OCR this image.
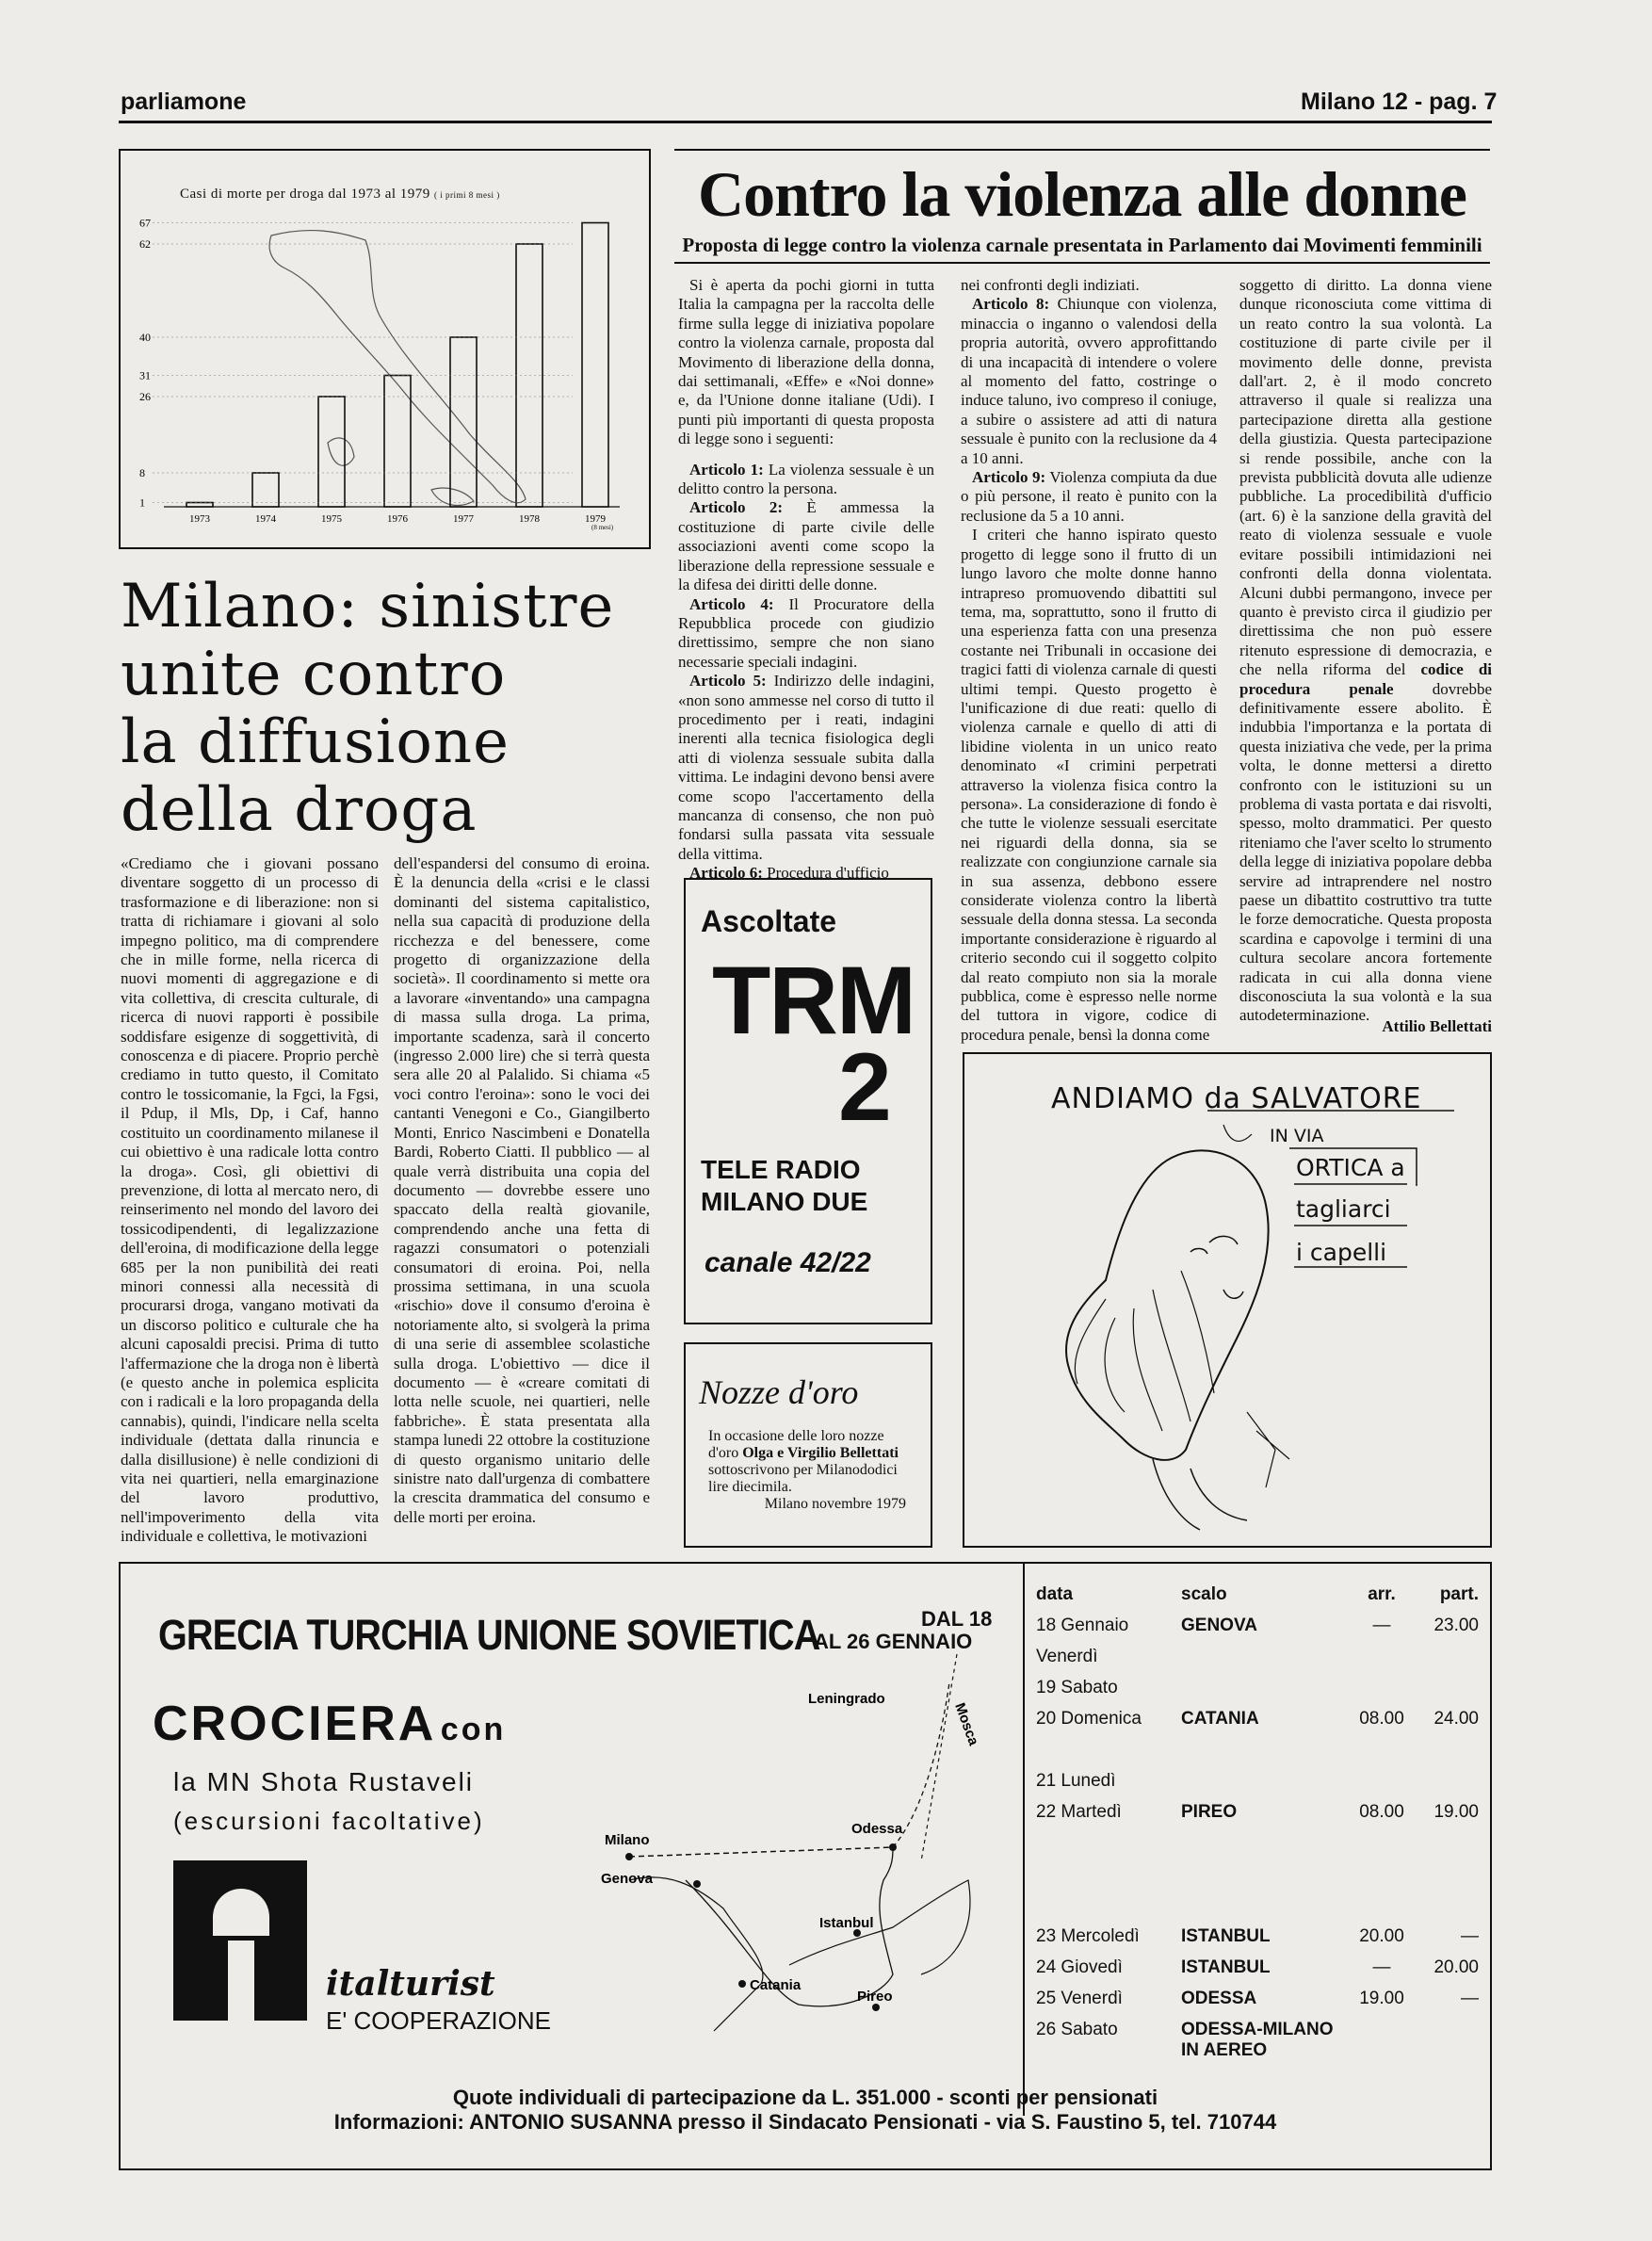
parliamone	Milano 12 - pag. 7
Casi di morte per droga dal 1973 al 1979 ( i primi 8 mesi )
67
62
40
31
26
8
1
1973	1974	1975	1976	1977	1978	1979
(8 mesi)
Milano: sinistre
unite contro
la diffusione
della droga
«Crediamo che i giovani possano diventare soggetto di un processo di trasformazione e di liberazione: non si tratta di richiamare i giovani al solo impegno politico, ma di comprendere che in mille forme, nella ricerca di nuovi momenti di aggregazione e di vita collettiva, di crescita culturale, di ricerca di nuovi rapporti è possibile soddisfare esigenze di soggettività, di conoscenza e di piacere. Proprio perchè crediamo in tutto questo, il Comitato contro le tossicomanie, la Fgci, la Fgsi, il Pdup, il Mls, Dp, i Caf, hanno costituito un coordinamento milanese il cui obiettivo è una radicale lotta contro la droga». Così, gli obiettivi di prevenzione, di lotta al mercato nero, di reinserimento nel mondo del lavoro dei tossicodipendenti, di legalizzazione dell'eroina, di modificazione della legge 685 per la non punibilità dei reati minori connessi alla necessità di procurarsi droga, vangano motivati da un discorso politico e culturale che ha alcuni caposaldi precisi. Prima di tutto l'affermazione che la droga non è libertà (e questo anche in polemica esplicita con i radicali e la loro propaganda della cannabis), quindi, l'indicare nella scelta individuale (dettata dalla rinuncia e dalla disillusione) è nelle condizioni di vita nei quartieri, nella emarginazione del lavoro produttivo, nell'impoverimento della vita individuale e collettiva, le motivazioni
dell'espandersi del consumo di eroina. È la denuncia della «crisi e le classi dominanti del sistema capitalistico, nella sua capacità di produzione della ricchezza e del benessere, come progetto di organizzazione della società». Il coordinamento si mette ora a lavorare «inventando» una campagna di massa sulla droga. La prima, importante scadenza, sarà il concerto (ingresso 2.000 lire) che si terrà questa sera alle 20 al Palalido. Si chiama «5 voci contro l'eroina»: sono le voci dei cantanti Venegoni e Co., Giangilberto Monti, Enrico Nascimbeni e Donatella Bardi, Roberto Ciatti. Il pubblico — al quale verrà distribuita una copia del documento — dovrebbe essere uno spaccato della realtà giovanile, comprendendo anche una fetta di ragazzi consumatori o potenziali consumatori di eroina. Poi, nella prossima settimana, in una scuola «rischio» dove il consumo d'eroina è notoriamente alto, si svolgerà la prima di una serie di assemblee scolastiche sulla droga. L'obiettivo — dice il documento — è «creare comitati di lotta nelle scuole, nei quartieri, nelle fabbriche». È stata presentata alla stampa lunedi 22 ottobre la costituzione di questo organismo unitario delle sinistre nato dall'urgenza di combattere la crescita drammatica del consumo e delle morti per eroina.
Contro la violenza alle donne
Proposta di legge contro la violenza carnale presentata in Parlamento dai Movimenti femminili

Si è aperta da pochi giorni in tutta Italia la campagna per la raccolta delle firme sulla legge di iniziativa popolare contro la violenza carnale, proposta dal Movimento di liberazione della donna, dai settimanali, «Effe» e «Noi donne» e, da l'Unione donne italiane (Udi). I punti più importanti di questa proposta di legge sono i seguenti:

Articolo 1: La violenza sessuale è un delitto contro la persona.

Articolo 2: È ammessa la costituzione di parte civile delle associazioni aventi come scopo la liberazione della repressione sessuale e la difesa dei diritti delle donne.

Articolo 4: Il Procuratore della Repubblica procede con giudizio direttissimo, sempre che non siano necessarie speciali indagini.

Articolo 5: Indirizzo delle indagini, «non sono ammesse nel corso di tutto il procedimento per i reati, indagini inerenti alla tecnica fisiologica degli atti di violenza sessuale subita dalla vittima. Le indagini devono bensi avere come scopo l'accertamento della mancanza di consenso, che non può fondarsi sulla passata vita sessuale della vittima.

Articolo 6: Procedura d'ufficio

nei confronti degli indiziati.

Articolo 8: Chiunque con violenza, minaccia o inganno o valendosi della propria autorità, ovvero approfittando di una incapacità di intendere o volere al momento del fatto, costringe o induce taluno, ivo compreso il coniuge, a subire o assistere ad atti di natura sessuale è punito con la reclusione da 4 a 10 anni.

Articolo 9: Violenza compiuta da due o più persone, il reato è punito con la reclusione da 5 a 10 anni.

I criteri che hanno ispirato questo progetto di legge sono il frutto di un lungo lavoro che molte donne hanno intrapreso promuovendo dibattiti sul tema, ma, soprattutto, sono il frutto di una esperienza fatta con una presenza costante nei Tribunali in occasione dei tragici fatti di violenza carnale di questi ultimi tempi. Questo progetto è l'unificazione di due reati: quello di violenza carnale e quello di atti di libidine violenta in un unico reato denominato «I crimini perpetrati attraverso la violenza fisica contro la persona». La considerazione di fondo è che tutte le violenze sessuali esercitate nei riguardi della donna, sia se realizzate con congiunzione carnale sia in sua assenza, debbono essere considerate violenza contro la libertà sessuale della donna stessa. La seconda importante considerazione è riguardo al criterio secondo cui il soggetto colpito dal reato compiuto non sia la morale pubblica, come è espresso nelle norme del tuttora in vigore, codice di procedura penale, bensì la donna come

soggetto di diritto. La donna viene dunque riconosciuta come vittima di un reato contro la sua volontà. La costituzione di parte civile per il movimento delle donne, prevista dall'art. 2, è il modo concreto attraverso il quale si realizza una partecipazione diretta alla gestione della giustizia. Questa partecipazione si rende possibile, anche con la prevista pubblicità dovuta alle udienze pubbliche. La procedibilità d'ufficio (art. 6) è la sanzione della gravità del reato di violenza sessuale e vuole evitare possibili intimidazioni nei confronti della donna violentata. Alcuni dubbi permangono, invece per quanto è previsto circa il giudizio per direttissima che non può essere ritenuto espressione di democrazia, e che nella riforma del codice di procedura penale dovrebbe definitivamente essere abolito. È indubbia l'importanza e la portata di questa iniziativa che vede, per la prima volta, le donne mettersi a diretto confronto con le istituzioni su un problema di vasta portata e dai risvolti, spesso, molto drammatici. Per questo riteniamo che l'aver scelto lo strumento della legge di iniziativa popolare debba servire ad intraprendere nel nostro paese un dibattito costruttivo tra tutte le forze democratiche. Questa proposta scardina e capovolge i termini di una cultura secolare ancora fortemente radicata in cui alla donna viene disconosciuta la sua volontà e la sua autodeterminazione.

Attilio Bellettati
Ascoltate
TRM
2
TELE RADIO
MILANO DUE
canale 42/22
Nozze d'oro
In occasione delle loro nozze d'oro Olga e Virgilio Bellettati sottoscrivono per Milanododici lire diecimila.
Milano novembre 1979
ANDIAMO da SALVATORE
IN VIA
ORTICA a
tagliarci
i capelli
GRECIA TURCHIA UNIONE SOVIETICA	DAL 18
AL 26 GENNAIO
CROCIERA con
la MN Shota Rustaveli
(escursioni facoltative)
italturist
E' COOPERAZIONE
Leningrado
Mosca
Odessa
Milano
Genova
Istanbul
Catania
Pireo
data	scalo	arr.	part.
18 Gennaio	GENOVA	—	23.00
Venerdì			
19 Sabato			
20 Domenica	CATANIA	08.00	24.00

21 Lunedì			
22 Martedì	PIREO	08.00	19.00

23 Mercoledì	ISTANBUL	20.00	—
24 Giovedì	ISTANBUL	—	20.00
25 Venerdì	ODESSA	19.00	—
26 Sabato	ODESSA-MILANO IN AEREO		
Quote individuali di partecipazione da L. 351.000 - sconti per pensionati
Informazioni: ANTONIO SUSANNA presso il Sindacato Pensionati - via S. Faustino 5, tel. 710744
